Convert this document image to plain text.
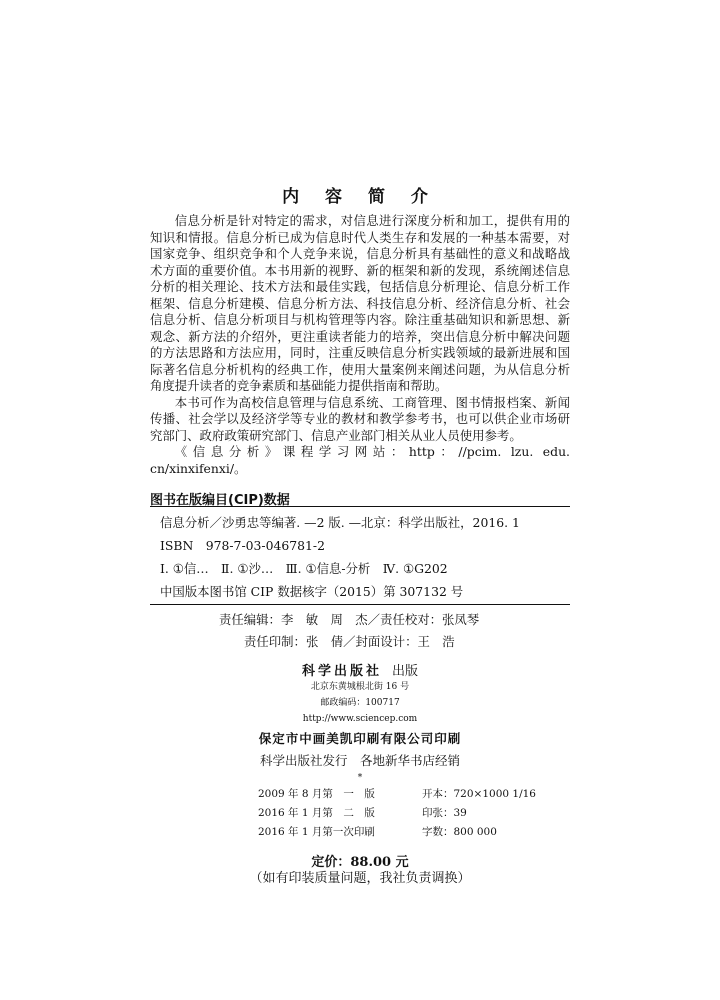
内 容 简 介

信息分析是针对特定的需求，对信息进行深度分析和加工，提供有用的知识和情报。信息分析已成为信息时代人类生存和发展的一种基本需要，对国家竞争、组织竞争和个人竞争来说，信息分析具有基础性的意义和战略战术方面的重要价值。本书用新的视野、新的框架和新的发现，系统阐述信息分析的相关理论、技术方法和最佳实践，包括信息分析理论、信息分析工作框架、信息分析建模、信息分析方法、科技信息分析、经济信息分析、社会信息分析、信息分析项目与机构管理等内容。除注重基础知识和新思想、新观念、新方法的介绍外，更注重读者能力的培养，突出信息分析中解决问题的方法思路和方法应用，同时，注重反映信息分析实践领域的最新进展和国际著名信息分析机构的经典工作，使用大量案例来阐述问题，为从信息分析角度提升读者的竞争素质和基础能力提供指南和帮助。

本书可作为高校信息管理与信息系统、工商管理、图书情报档案、新闻传播、社会学以及经济学等专业的教材和教学参考书，也可以供企业市场研究部门、政府政策研究部门、信息产业部门相关从业人员使用参考。

《信息分析》课程学习网站：http：//pcim. lzu. edu. cn/xinxifenxi/。

图书在版编目(CIP)数据
信息分析／沙勇忠等编著. —2 版. —北京：科学出版社，2016. 1
ISBN　978-7-03-046781-2
Ⅰ. ①信…　Ⅱ. ①沙…　Ⅲ. ①信息-分析　Ⅳ. ①G202
中国版本图书馆 CIP 数据核字（2015）第 307132 号
责任编辑：李　敏　周　杰／责任校对：张凤琴
责任印制：张　倩／封面设计：王　浩
科学出版社 出版
北京东黄城根北街 16 号
邮政编码：100717
http://www.sciencep.com
保定市中画美凯印刷有限公司印刷
科学出版社发行　各地新华书店经销
*
2009 年 8 月第　一　版	开本：720×1000 1/16
2016 年 1 月第　二　版	印张：39
2016 年 1 月第一次印刷	字数：800 000
定价：88.00 元
（如有印装质量问题，我社负责调换）
